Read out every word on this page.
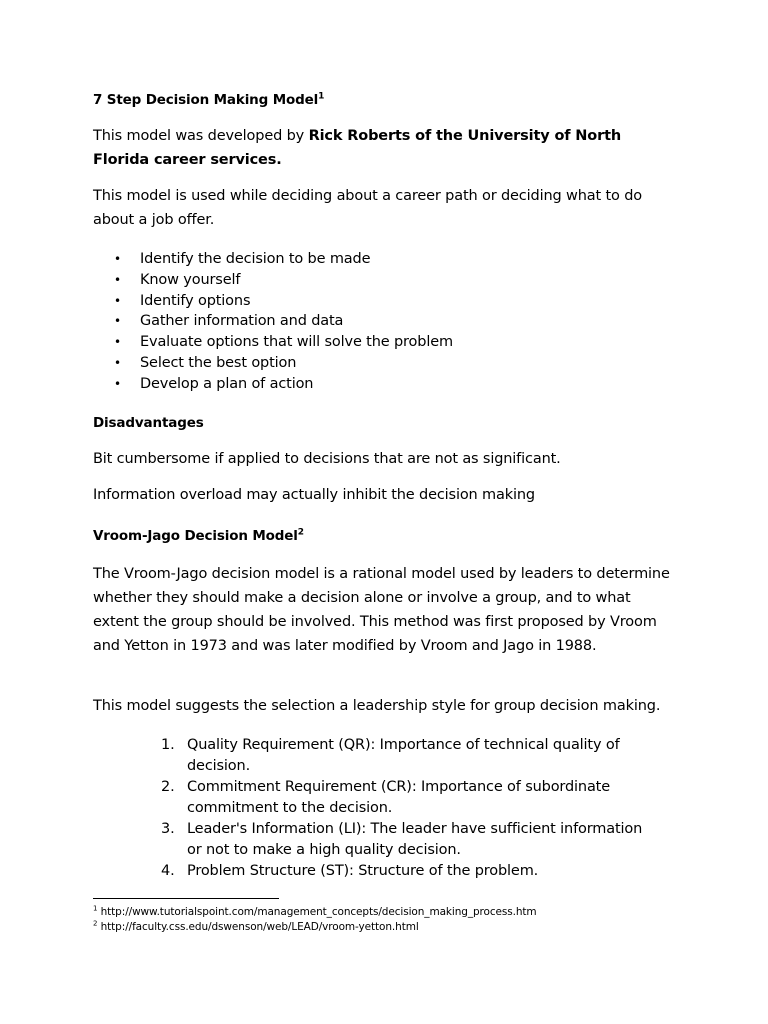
7 Step Decision Making Model$^1$

This model was developed by Rick Roberts of the University of North Florida career services.

This model is used while deciding about a career path or deciding what to do about a job offer.

• Identify the decision to be made
• Know yourself
• Identify options
• Gather information and data
• Evaluate options that will solve the problem
• Select the best option
• Develop a plan of action

Disadvantages

Bit cumbersome if applied to decisions that are not as significant.

Information overload may actually inhibit the decision making

Vroom-Jago Decision Model$^2$

The Vroom-Jago decision model is a rational model used by leaders to determine whether they should make a decision alone or involve a group, and to what extent the group should be involved. This method was first proposed by Vroom and Yetton in 1973 and was later modified by Vroom and Jago in 1988.

This model suggests the selection a leadership style for group decision making.

1. Quality Requirement (QR): Importance of technical quality of decision.
2. Commitment Requirement (CR): Importance of subordinate commitment to the decision.
3. Leader's Information (LI): The leader have sufficient information or not to make a high quality decision.
4. Problem Structure (ST): Structure of the problem.
$^1$ http://www.tutorialspoint.com/management_concepts/decision_making_process.htm
$^2$ http://faculty.css.edu/dswenson/web/LEAD/vroom-yetton.html
